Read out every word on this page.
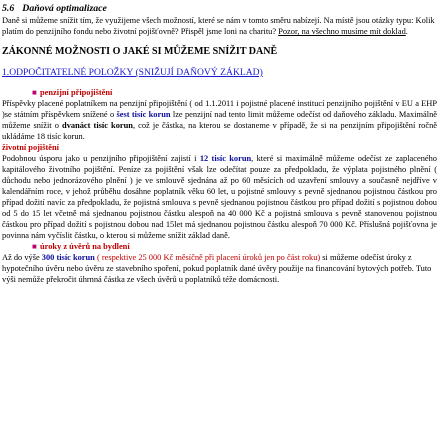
5.6 Daňová optimalizace

Daně si můžeme snížit tím, že využijeme všech možností, které se nám v tomto směru nabízejí. Na místě jsou otázky typu: Kolik platím do penzijního fondu nebo životní pojišťovně? Přispěl jsme loni na charitu? Pozor, na všechno musíme mít doklad.

ZÁKONNÉ MOŽNOSTI O JAKÉ SI MŮŽEME SNÍŽIT DANĚ

1.ODPOČITATELNÉ POLOŽKY (SNIŽUJÍ DAŇOVÝ ZÁKLAD)

■ penzijní připojištění
Příspěvky placené poplatníkem na penzijní připojištění ( od 1.1.2011 i pojistné placené institucí penzijního pojištění v EU a EHP )se státním příspěvkem snížené o šest tisíc korun lze penzijní nad tento limit můžeme odečíst od daňového základu. Maximálně můžeme snížit o dvanáct tisíc korun, což je částka, na kterou se dostaneme v případě, že si na penzijním připojištění ročně ukládáme 18 tisíc korun.
životní pojištění
Podobnou úsporu jako u penzijního připojištění zajistí i 12 tisíc korun, které si maximálně můžeme odečíst ze zaplaceného kapitálového životního pojištění. Peníze za pojištění však lze odečítat pouze za předpokladu, že výplata pojistného plnění ( důchodu nebo jednorázového plnění ) je ve smlouvě sjednána až po 60 měsících od uzavření smlouvy a současně nejdříve v kalendářním roce, v jehož průběhu dosáhne poplatník věku 60 let, u pojistné smlouvy s pevně sjednanou pojistnou částkou pro případ dožití navíc za předpokladu, že pojistná smlouva s pevně sjednanou pojistnou částkou pro případ dožití s pojistnou dobou od 5 do 15 let včetně má sjednanou pojistnou částku alespoň na 40 000 Kč a pojistná smlouva s pevně stanovenou pojistnou částkou pro případ dožití s pojistnou dobou nad 15let má sjednanou pojistnou částku alespoň 70 000 Kč. Příslušná pojišťovna je povinna nám vyčíslit částku, o kterou si můžeme snížit základ daně.
■ úroky z úvěrů na bydlení
Až do výše 300 tisíc korun ( respektive 25 000 Kč měsíčně při placení úroků jen po část roku) si můžeme odečíst úroky z hypotečního úvěru nebo úvěru ze stavebního spoření, pokud poplatník dané úvěry použije na financování bytových potřeb. Tuto výši nemůže překročit úhrnná částka ze všech úvěrů u poplatníků téže domácnosti.
